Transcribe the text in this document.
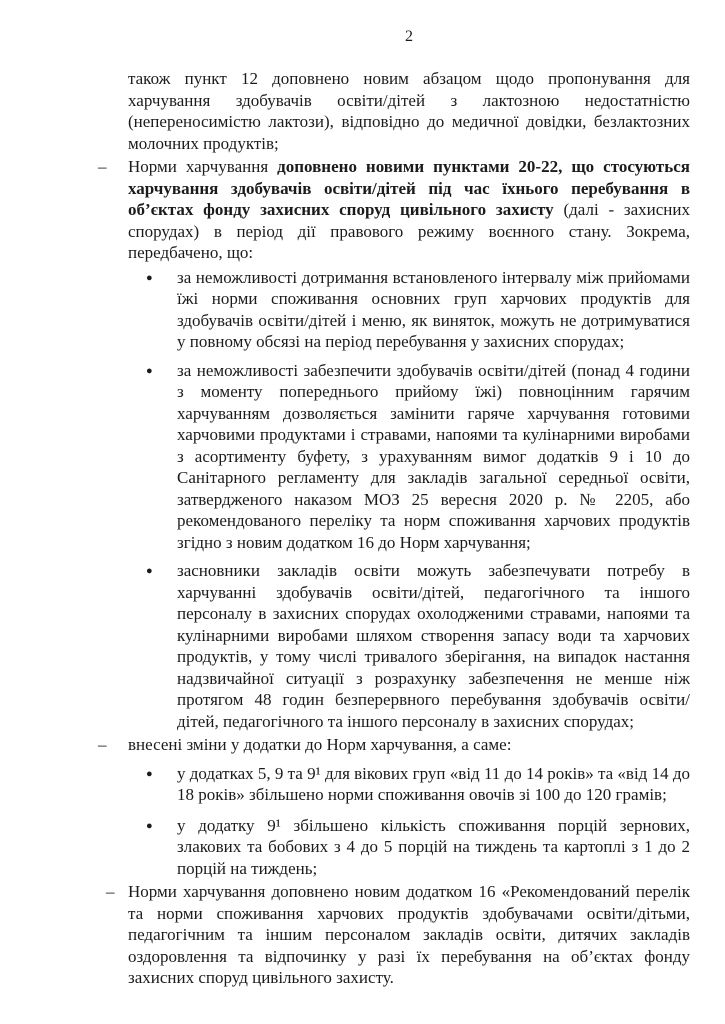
2

також пункт 12 доповнено новим абзацом щодо пропонування для харчування здобувачів освіти/дітей з лактозною недостатністю (непереносимістю лактози), відповідно до медичної довідки, безлактозних молочних продуктів;

– Норми харчування доповнено новими пунктами 20-22, що стосуються харчування здобувачів освіти/дітей під час їхнього перебування в об’єктах фонду захисних споруд цивільного захисту (далі - захисних спорудах) в період дії правового режиму воєнного стану. Зокрема, передбачено, що:
● за неможливості дотримання встановленого інтервалу між прийомами їжі норми споживання основних груп харчових продуктів для здобувачів освіти/дітей і меню, як виняток, можуть не дотримуватися у повному обсязі на період перебування у захисних спорудах;
● за неможливості забезпечити здобувачів освіти/дітей (понад 4 години з моменту попереднього прийому їжі) повноцінним гарячим харчуванням дозволяється замінити гаряче харчування готовими харчовими продуктами і стравами, напоями та кулінарними виробами з асортименту буфету, з урахуванням вимог додатків 9 і 10 до Санітарного регламенту для закладів загальної середньої освіти, затвердженого наказом МОЗ 25 вересня 2020 р. № 2205, або рекомендованого переліку та норм споживання харчових продуктів згідно з новим додатком 16 до Норм харчування;
● засновники закладів освіти можуть забезпечувати потребу в харчуванні здобувачів освіти/дітей, педагогічного та іншого персоналу в захисних спорудах охолодженими стравами, напоями та кулінарними виробами шляхом створення запасу води та харчових продуктів, у тому числі тривалого зберігання, на випадок настання надзвичайної ситуації з розрахунку забезпечення не менше ніж протягом 48 годин безперервного перебування здобувачів освіти/дітей, педагогічного та іншого персоналу в захисних спорудах;
– внесені зміни у додатки до Норм харчування, а саме:
● у додатках 5, 9 та 9¹ для вікових груп «від 11 до 14 років» та «від 14 до 18 років» збільшено норми споживання овочів зі 100 до 120 грамів;
● у додатку 9¹ збільшено кількість споживання порцій зернових, злакових та бобових з 4 до 5 порцій на тиждень та картоплі з 1 до 2 порцій на тиждень;
– Норми харчування доповнено новим додатком 16 «Рекомендований перелік та норми споживання харчових продуктів здобувачами освіти/дітьми, педагогічним та іншим персоналом закладів освіти, дитячих закладів оздоровлення та відпочинку у разі їх перебування на об’єктах фонду захисних споруд цивільного захисту.
